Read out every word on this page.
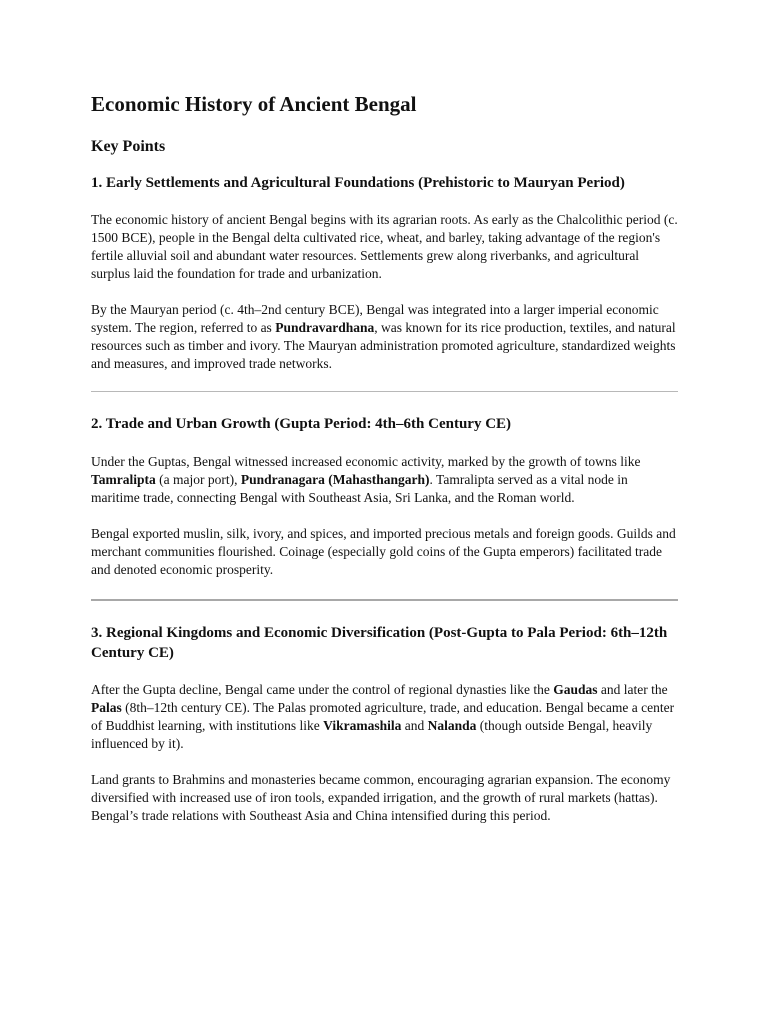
Economic History of Ancient Bengal
Key Points
1. Early Settlements and Agricultural Foundations (Prehistoric to Mauryan Period)

The economic history of ancient Bengal begins with its agrarian roots. As early as the Chalcolithic period (c. 1500 BCE), people in the Bengal delta cultivated rice, wheat, and barley, taking advantage of the region's fertile alluvial soil and abundant water resources. Settlements grew along riverbanks, and agricultural surplus laid the foundation for trade and urbanization.

By the Mauryan period (c. 4th–2nd century BCE), Bengal was integrated into a larger imperial economic system. The region, referred to as Pundravardhana, was known for its rice production, textiles, and natural resources such as timber and ivory. The Mauryan administration promoted agriculture, standardized weights and measures, and improved trade networks.

2. Trade and Urban Growth (Gupta Period: 4th–6th Century CE)

Under the Guptas, Bengal witnessed increased economic activity, marked by the growth of towns like Tamralipta (a major port), Pundranagara (Mahasthangarh). Tamralipta served as a vital node in maritime trade, connecting Bengal with Southeast Asia, Sri Lanka, and the Roman world.

Bengal exported muslin, silk, ivory, and spices, and imported precious metals and foreign goods. Guilds and merchant communities flourished. Coinage (especially gold coins of the Gupta emperors) facilitated trade and denoted economic prosperity.

3. Regional Kingdoms and Economic Diversification (Post-Gupta to Pala Period: 6th–12th Century CE)

After the Gupta decline, Bengal came under the control of regional dynasties like the Gaudas and later the Palas (8th–12th century CE). The Palas promoted agriculture, trade, and education. Bengal became a center of Buddhist learning, with institutions like Vikramashila and Nalanda (though outside Bengal, heavily influenced by it).

Land grants to Brahmins and monasteries became common, encouraging agrarian expansion. The economy diversified with increased use of iron tools, expanded irrigation, and the growth of rural markets (hattas). Bengal’s trade relations with Southeast Asia and China intensified during this period.
